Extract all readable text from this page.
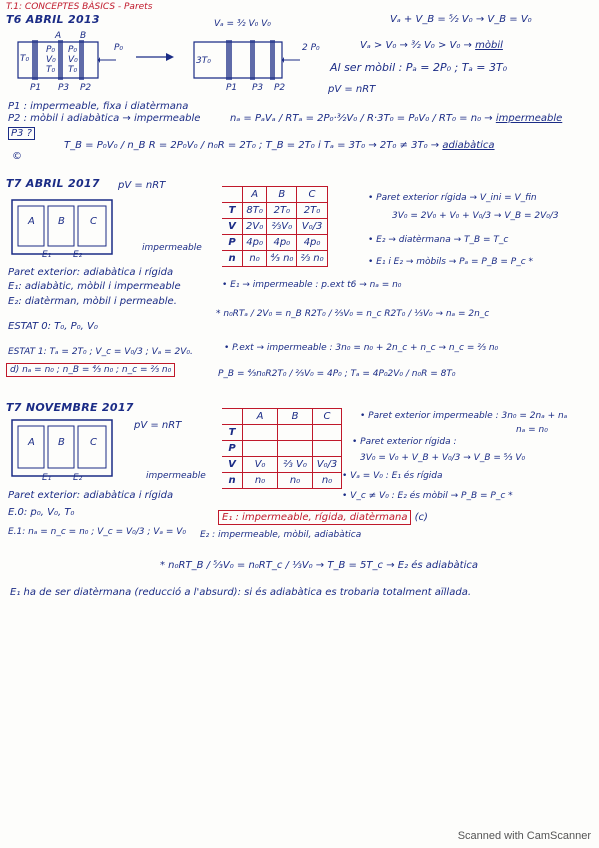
T.1: CONCEPTES BÀSICS - Parets
T6 ABRIL 2013
A B
T₀
P₀
V₀
T₀
P₀
V₀
T₀
P₀
P1 P3 P2
Vₐ = ³⁄₂ V₀ V₀
3T₀
2 P₀
P1 P3 P2
Vₐ + V_B = ⁵⁄₂ V₀ → V_B = V₀
Vₐ > V₀ → ³⁄₂ V₀ > V₀ → mòbil
Al ser mòbil : Pₐ = 2P₀ ; Tₐ = 3T₀
pV = nRT
P1 : impermeable, fixa i diatèrmana
P2 : mòbil i adiabàtica → impermeable
P3 ?
©
nₐ = PₐVₐ / RTₐ = 2P₀·³⁄₂V₀ / R·3T₀ = P₀V₀ / RT₀ = n₀ → impermeable
T_B = P₀V₀ / n_B R = 2P₀V₀ / n₀R = 2T₀ ; T_B = 2T₀ i Tₐ = 3T₀ → 2T₀ ≠ 3T₀ → adiabàtica
T7 ABRIL 2017 pV = nRT
A B	C
E₁ E₂
impermeable
	A	B	C
T	8T₀	2T₀	2T₀
V	2V₀	⅔V₀	V₀/3
P	4p₀	4p₀	4p₀
n	n₀	⁴⁄₃ n₀	⅔ n₀
• Paret exterior rígida → V_ini = V_fin
3V₀ = 2V₀ + V₀ + V₀/3 → V_B = 2V₀/3
• E₂ → diatèrmana → T_B = T_c
• E₁ i E₂ → mòbils → Pₐ = P_B = P_c *
Paret exterior: adiabàtica i rígida
E₁: adiabàtic, mòbil i impermeable
E₂: diatèrman, mòbil i permeable.
ESTAT 0: T₀, P₀, V₀
ESTAT 1: Tₐ = 2T₀ ; V_c = V₀/3 ; Vₐ = 2V₀.
• E₁ → impermeable : p.ext t6 → nₐ = n₀
* n₀RTₐ / 2V₀ = n_B R2T₀ / ⅔V₀ = n_c R2T₀ / ⅓V₀ → nₐ = 2n_c
• P.ext → impermeable : 3n₀ = n₀ + 2n_c + n_c → n_c = ⅔ n₀
P_B = ⁴⁄₃n₀R2T₀ / ⅔V₀ = 4P₀ ; Tₐ = 4P₀2V₀ / n₀R = 8T₀
d) nₐ = n₀ ; n_B = ⁴⁄₃ n₀ ; n_c = ⅔ n₀
T7 NOVEMBRE 2017
pV = nRT
A B	C
E₁ E₂	impermeable
	A	B	C
T			
P			
V	V₀	⅔ V₀	V₀/3
n	n₀	n₀	n₀
• Paret exterior impermeable : 3n₀ = 2nₐ + nₐ
nₐ = n₀
• Paret exterior rígida :
3V₀ = V₀ + V_B + V₀/3 → V_B = ⁵⁄₃ V₀
• Vₐ = V₀ : E₁ és rígida
• V_c ≠ V₀ : E₂ és mòbil → P_B = P_c *
Paret exterior: adiabàtica i rígida
E.0: p₀, V₀, T₀
E.1: nₐ = n_c = n₀ ; V_c = V₀/3 ; Vₐ = V₀ E₂ : impermeable, mòbil, adiabàtica
E₁ : impermeable, rígida, diatèrmana (c)
* n₀RT_B / ⁵⁄₃V₀ = n₀RT_c / ⅓V₀ → T_B = 5T_c → E₂ és adiabàtica
E₁ ha de ser diatèrmana (reducció a l'absurd): si és adiabàtica es trobaria totalment aïllada.
Scanned with CamScanner
